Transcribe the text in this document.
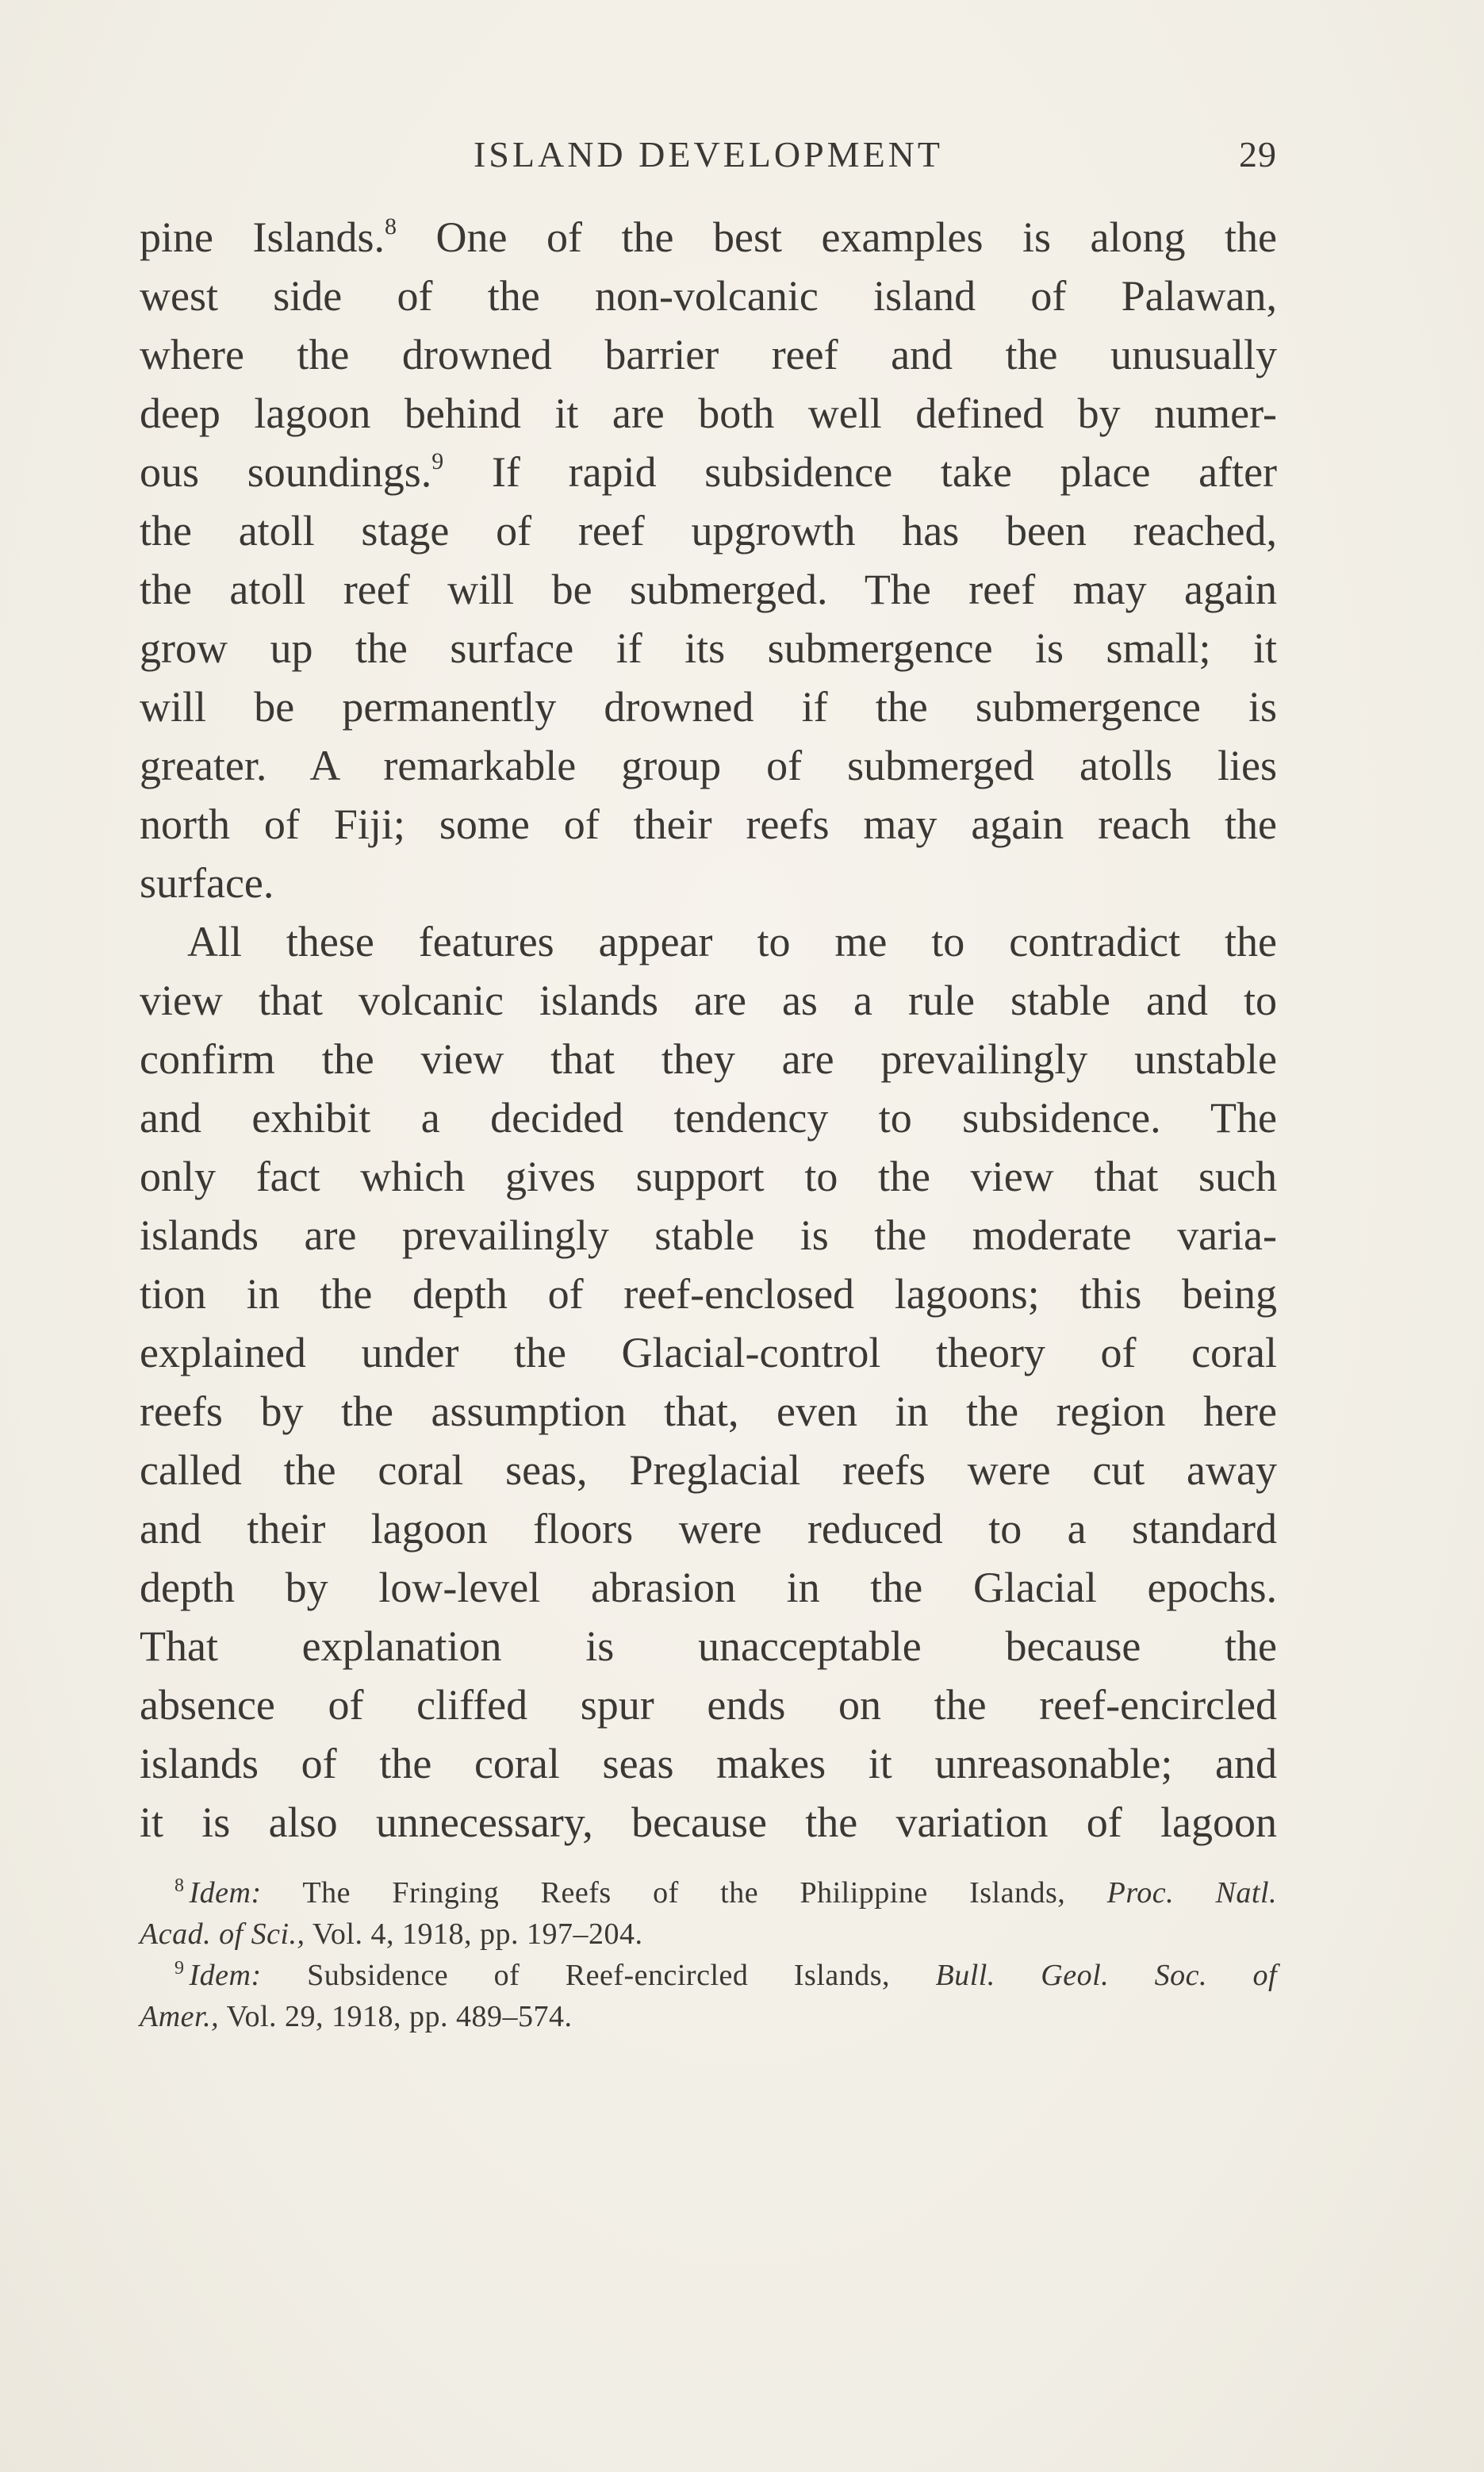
ISLAND DEVELOPMENT	29
pine Islands.$^8$ One of the best examples is along the
west side of the non-volcanic island of Palawan,
where the drowned barrier reef and the unusually
deep lagoon behind it are both well defined by numer-
ous soundings.$^9$ If rapid subsidence take place after
the atoll stage of reef upgrowth has been reached,
the atoll reef will be submerged. The reef may again
grow up the surface if its submergence is small; it
will be permanently drowned if the submergence is
greater. A remarkable group of submerged atolls lies
north of Fiji; some of their reefs may again reach the
surface.
All these features appear to me to contradict the
view that volcanic islands are as a rule stable and to
confirm the view that they are prevailingly unstable
and exhibit a decided tendency to subsidence. The
only fact which gives support to the view that such
islands are prevailingly stable is the moderate varia-
tion in the depth of reef-enclosed lagoons; this being
explained under the Glacial-control theory of coral
reefs by the assumption that, even in the region here
called the coral seas, Preglacial reefs were cut away
and their lagoon floors were reduced to a standard
depth by low-level abrasion in the Glacial epochs.
That explanation is unacceptable because the
absence of cliffed spur ends on the reef-encircled
islands of the coral seas makes it unreasonable; and
it is also unnecessary, because the variation of lagoon
$^8$ Idem: The Fringing Reefs of the Philippine Islands, Proc. Natl.
Acad. of Sci., Vol. 4, 1918, pp. 197–204.
$^9$ Idem: Subsidence of Reef-encircled Islands, Bull. Geol. Soc. of
Amer., Vol. 29, 1918, pp. 489–574.
